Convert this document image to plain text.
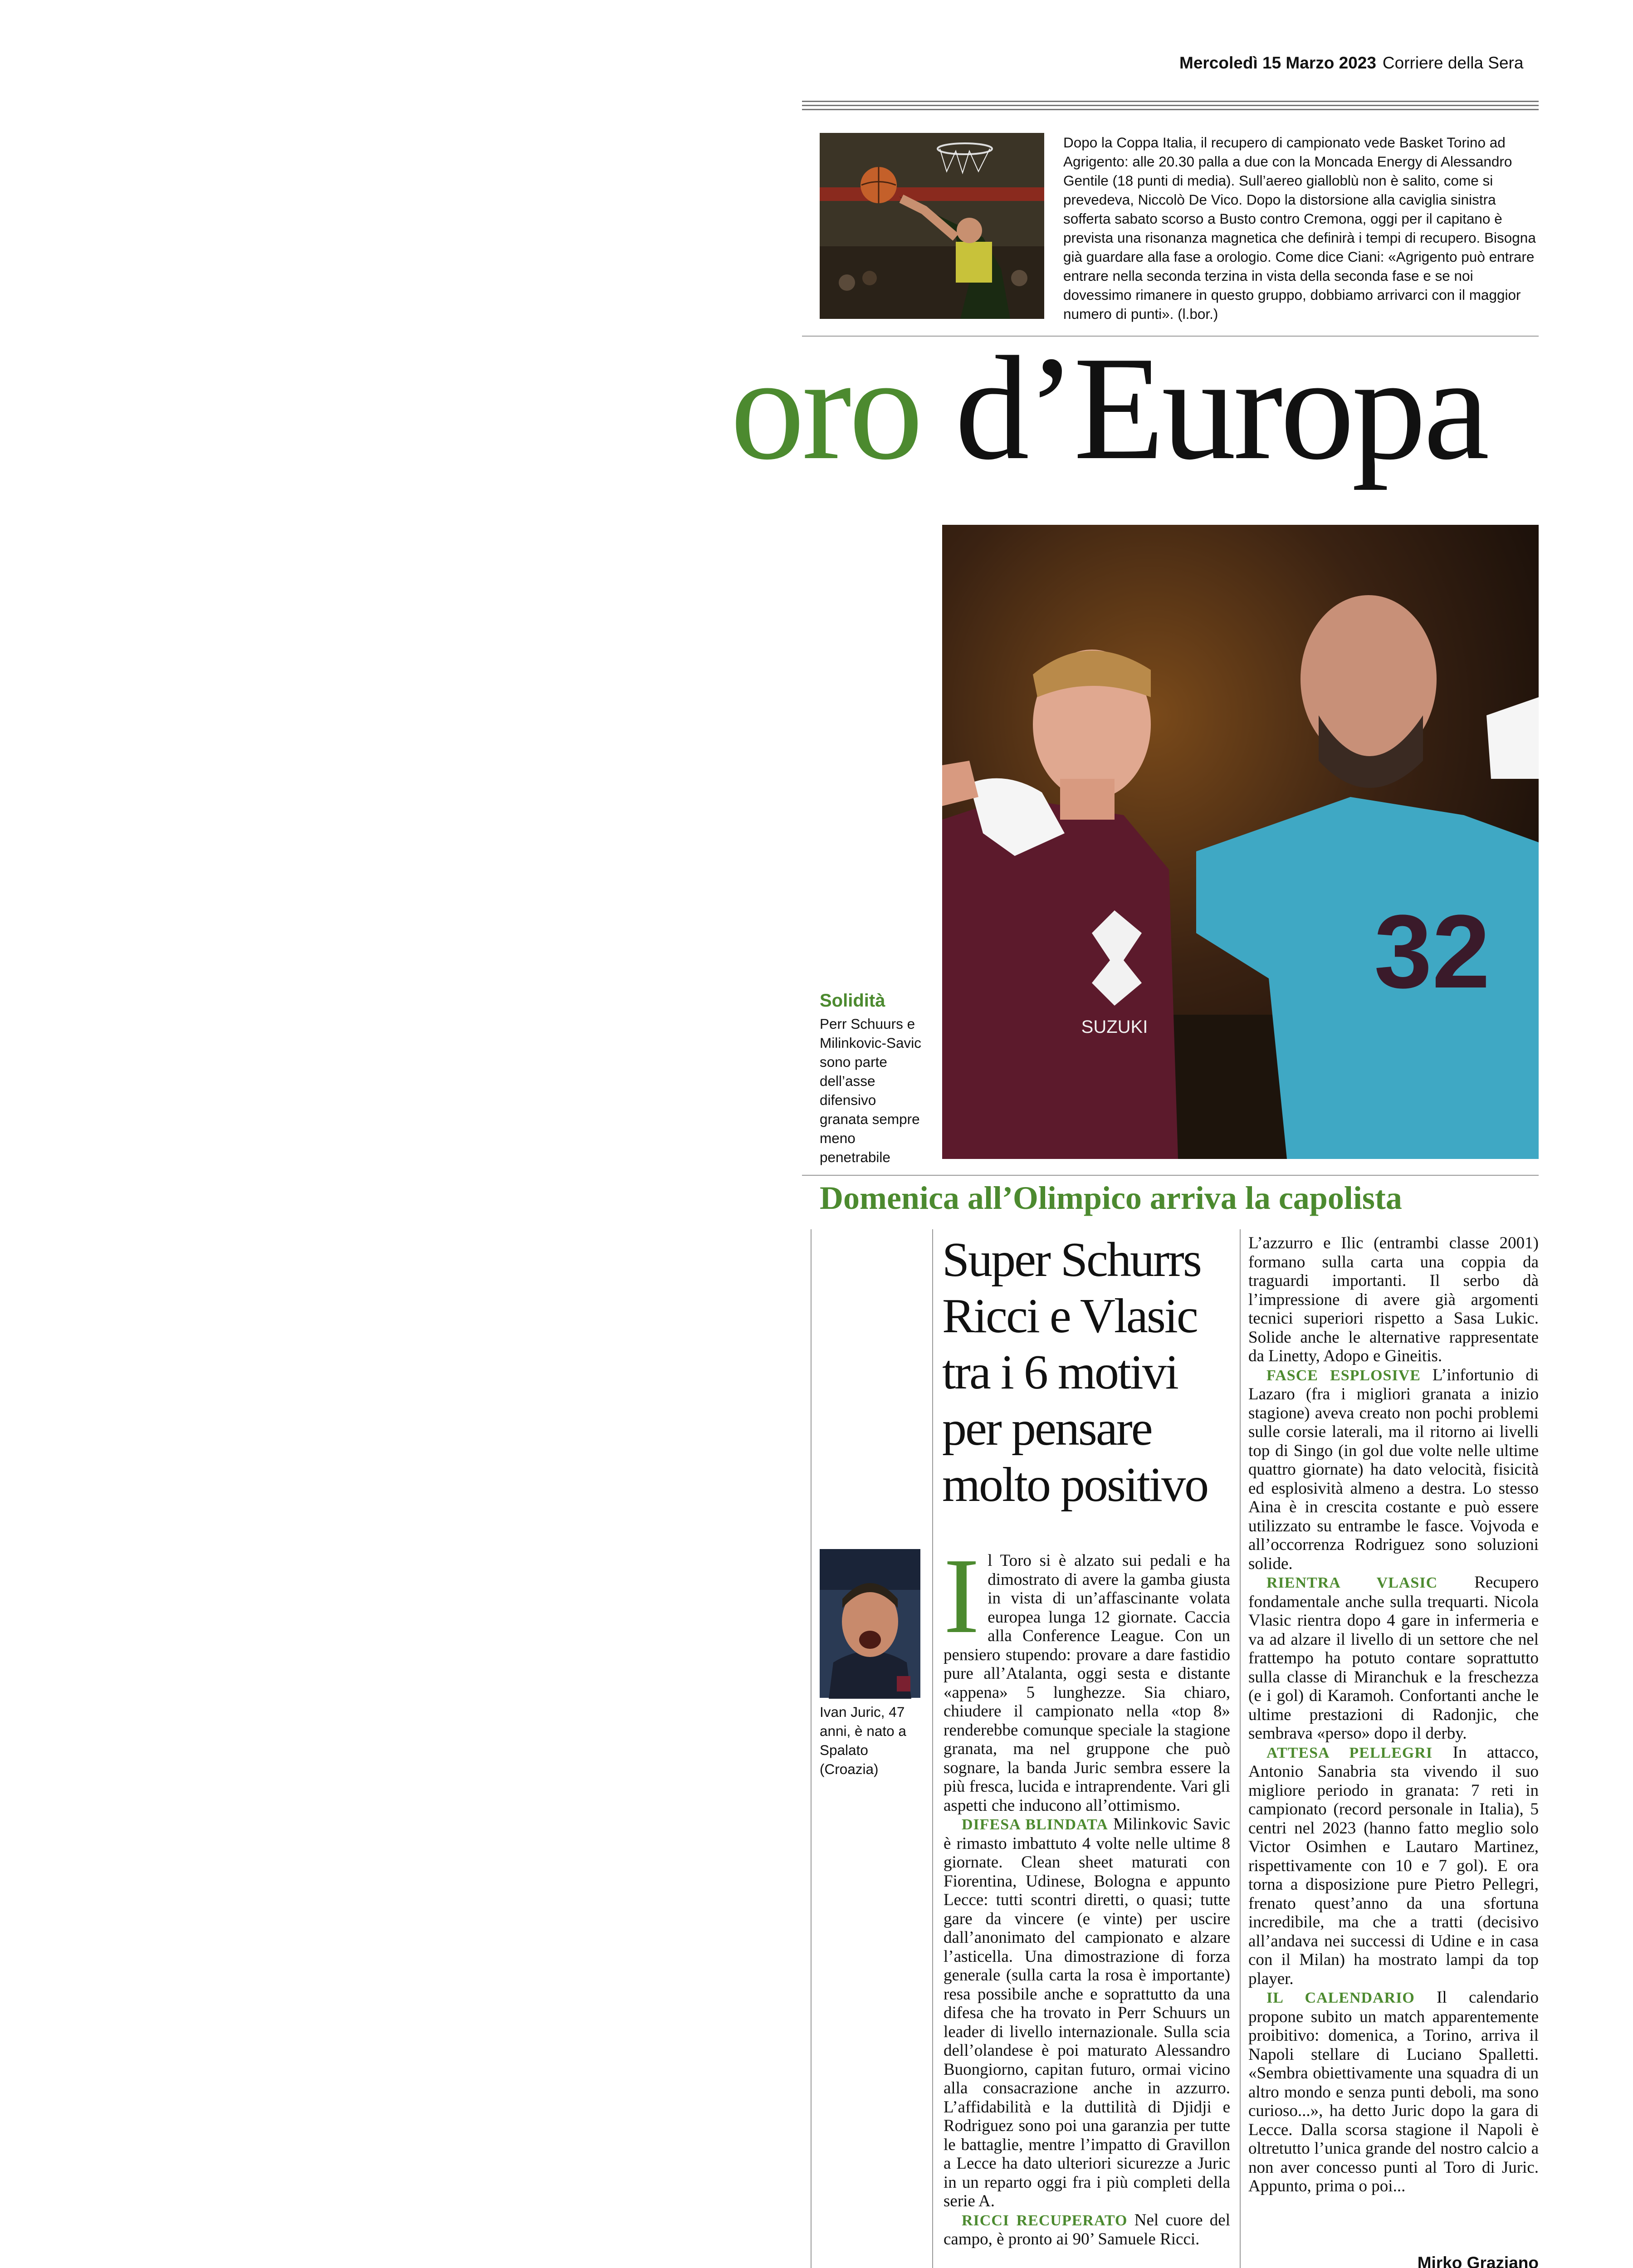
Mercoledì 15 Marzo 2023 Corriere della Sera
Dopo la Coppa Italia, il recupero di campionato vede Basket Torino ad Agrigento: alle 20.30 palla a due con la Moncada Energy di Alessandro Gentile (18 punti di media). Sull’aereo gialloblù non è salito, come si prevedeva, Niccolò De Vico. Dopo la distorsione alla caviglia sinistra sofferta sabato scorso a Busto contro Cremona, oggi per il capitano è prevista una risonanza magnetica che definirà i tempi di recupero. Bisogna già guardare alla fase a orologio. Come dice Ciani: «Agrigento può entrare entrare nella seconda terzina in vista della seconda fase e se noi dovessimo rimanere in questo gruppo, dobbiamo arrivarci con il maggior numero di punti». (l.bor.)
oro d’Europa
SUZUKI
32
Solidità
Perr Schuurs e Milinkovic-Savic sono parte dell’asse difensivo granata sempre meno penetrabile
Domenica all’Olimpico arriva la capolista
Super Schurrs Ricci e Vlasic tra i 6 motivi per pensare molto positivo
Ivan Juric, 47 anni, è nato a Spalato (Croazia)

Il Toro si è alzato sui pedali e ha dimostrato di avere la gamba giusta in vista di un’affascinante volata europea lunga 12 giornate. Caccia alla Conference League. Con un pensiero stupendo: provare a dare fastidio pure all’Atalanta, oggi sesta e distante «appena» 5 lunghezze. Sia chiaro, chiudere il campionato nella «top 8» renderebbe comunque speciale la stagione granata, ma nel gruppone che può sognare, la banda Juric sembra essere la più fresca, lucida e intraprendente. Vari gli aspetti che inducono all’ottimismo.

DIFESA BLINDATA Milinkovic Savic è rimasto imbattuto 4 volte nelle ultime 8 giornate. Clean sheet maturati con Fiorentina, Udinese, Bologna e appunto Lecce: tutti scontri diretti, o quasi; tutte gare da vincere (e vinte) per uscire dall’anonimato del campionato e alzare l’asticella. Una dimostrazione di forza generale (sulla carta la rosa è importante) resa possibile anche e soprattutto da una difesa che ha trovato in Perr Schuurs un leader di livello internazionale. Sulla scia dell’olandese è poi maturato Alessandro Buongiorno, capitan futuro, ormai vicino alla consacrazione anche in azzurro. L’affidabilità e la duttilità di Djidji e Rodriguez sono poi una garanzia per tutte le battaglie, mentre l’impatto di Gravillon a Lecce ha dato ulteriori sicurezze a Juric in un reparto oggi fra i più completi della serie A.

RICCI RECUPERATO Nel cuore del campo, è pronto ai 90’ Samuele Ricci.

L’azzurro e Ilic (entrambi classe 2001) formano sulla carta una coppia da traguardi importanti. Il serbo dà l’impressione di avere già argomenti tecnici superiori rispetto a Sasa Lukic. Solide anche le alternative rappresentate da Linetty, Adopo e Gineitis.

FASCE ESPLOSIVE L’infortunio di Lazaro (fra i migliori granata a inizio stagione) aveva creato non pochi problemi sulle corsie laterali, ma il ritorno ai livelli top di Singo (in gol due volte nelle ultime quattro giornate) ha dato velocità, fisicità ed esplosività almeno a destra. Lo stesso Aina è in crescita costante e può essere utilizzato su entrambe le fasce. Vojvoda e all’occorrenza Rodriguez sono soluzioni solide.

RIENTRA VLASIC Recupero fondamentale anche sulla trequarti. Nicola Vlasic rientra dopo 4 gare in infermeria e va ad alzare il livello di un settore che nel frattempo ha potuto contare soprattutto sulla classe di Miranchuk e la freschezza (e i gol) di Karamoh. Confortanti anche le ultime prestazioni di Radonjic, che sembrava «perso» dopo il derby.

ATTESA PELLEGRI In attacco, Antonio Sanabria sta vivendo il suo migliore periodo in granata: 7 reti in campionato (record personale in Italia), 5 centri nel 2023 (hanno fatto meglio solo Victor Osimhen e Lautaro Martinez, rispettivamente con 10 e 7 gol). E ora torna a disposizione pure Pietro Pellegri, frenato quest’anno da una sfortuna incredibile, ma che a tratti (decisivo all’andava nei successi di Udine e in casa con il Milan) ha mostrato lampi da top player.

IL CALENDARIO Il calendario propone subito un match apparentemente proibitivo: domenica, a Torino, arriva il Napoli stellare di Luciano Spalletti. «Sembra obiettivamente una squadra di un altro mondo e senza punti deboli, ma sono curioso...», ha detto Juric dopo la gara di Lecce. Dalla scorsa stagione il Napoli è oltretutto l’unica grande del nostro calcio a non aver concesso punti al Toro di Juric. Appunto, prima o poi...

Mirko Graziano
